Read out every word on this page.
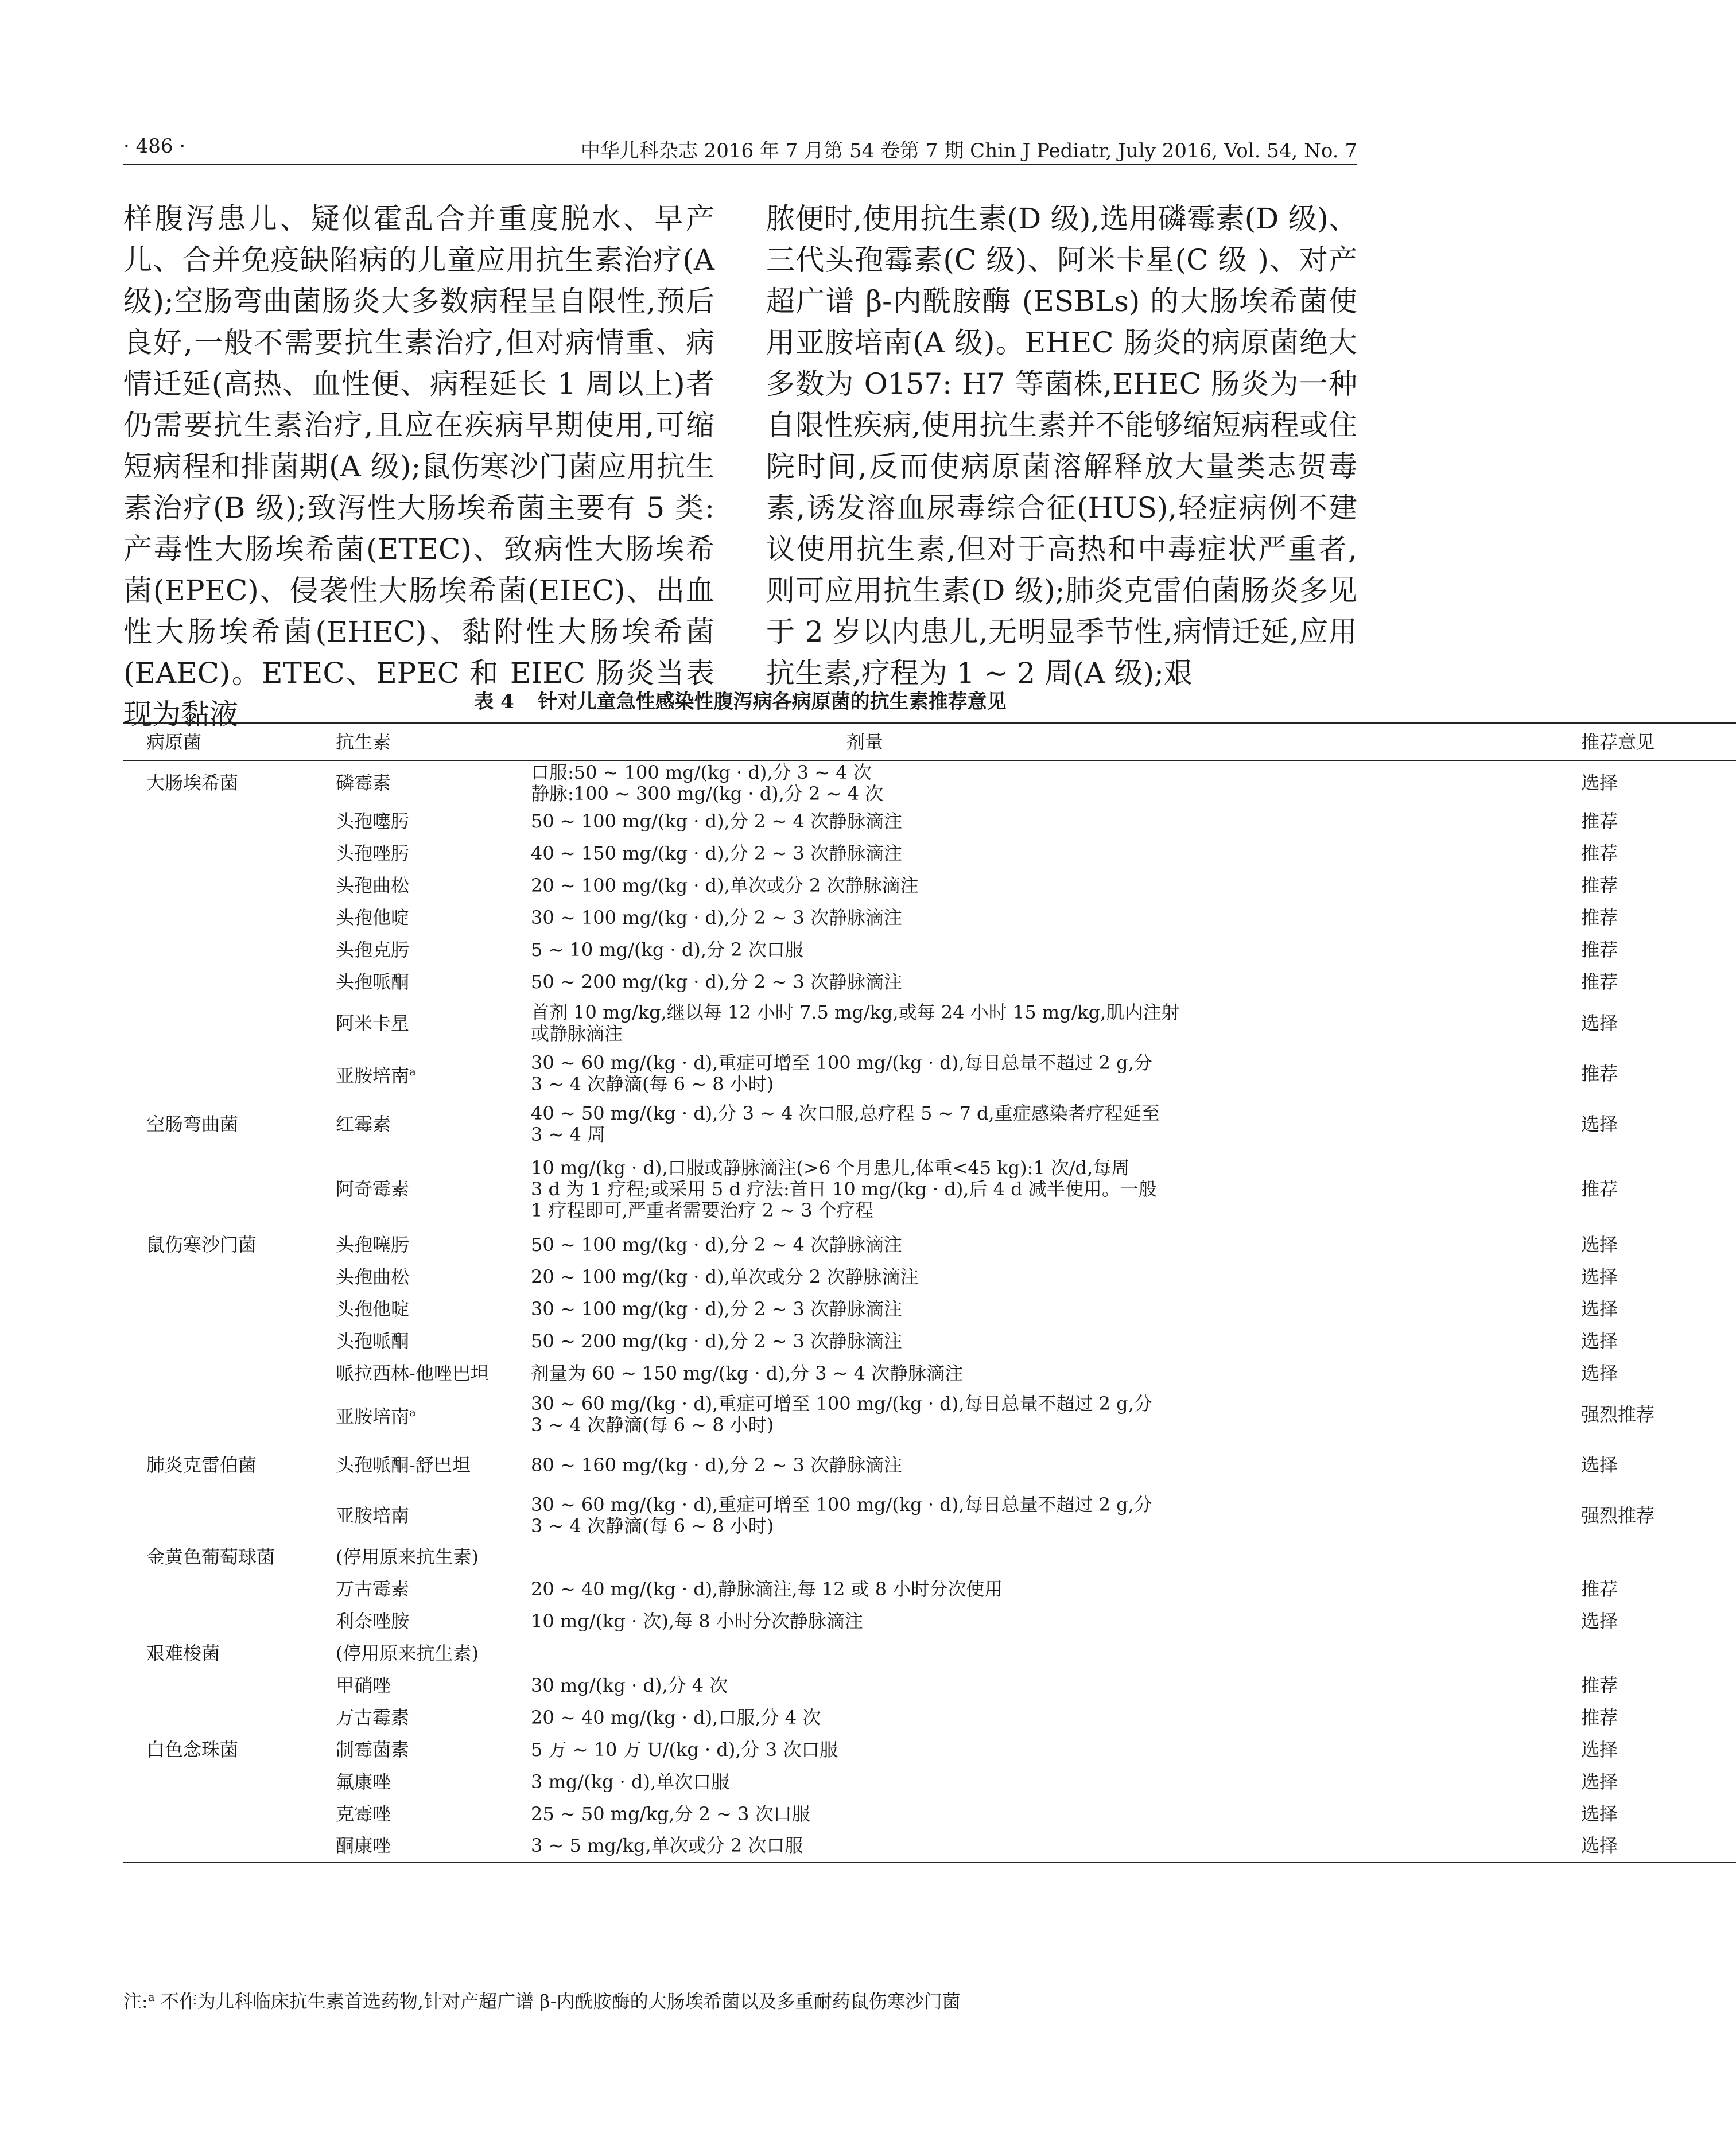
· 486 ·	中华儿科杂志 2016 年 7 月第 54 卷第 7 期 Chin J Pediatr, July 2016, Vol. 54, No. 7
样腹泻患儿、疑似霍乱合并重度脱水、早产儿、合并免疫缺陷病的儿童应用抗生素治疗(A 级);空肠弯曲菌肠炎大多数病程呈自限性,预后良好,一般不需要抗生素治疗,但对病情重、病情迁延(高热、血性便、病程延长 1 周以上)者仍需要抗生素治疗,且应在疾病早期使用,可缩短病程和排菌期(A 级);鼠伤寒沙门菌应用抗生素治疗(B 级);致泻性大肠埃希菌主要有 5 类:产毒性大肠埃希菌(ETEC)、致病性大肠埃希菌(EPEC)、侵袭性大肠埃希菌(EIEC)、出血性大肠埃希菌(EHEC)、黏附性大肠埃希菌(EAEC)。ETEC、EPEC 和 EIEC 肠炎当表现为黏液
脓便时,使用抗生素(D 级),选用磷霉素(D 级)、三代头孢霉素(C 级)、阿米卡星(C 级 )、对产超广谱 β-内酰胺酶 (ESBLs) 的大肠埃希菌使用亚胺培南(A 级)。EHEC 肠炎的病原菌绝大多数为 O157: H7 等菌株,EHEC 肠炎为一种自限性疾病,使用抗生素并不能够缩短病程或住院时间,反而使病原菌溶解释放大量类志贺毒素,诱发溶血尿毒综合征(HUS),轻症病例不建议使用抗生素,但对于高热和中毒症状严重者,则可应用抗生素(D 级);肺炎克雷伯菌肠炎多见于 2 岁以内患儿,无明显季节性,病情迁延,应用抗生素,疗程为 1 ~ 2 周(A 级);艰
表 4 针对儿童急性感染性腹泻病各病原菌的抗生素推荐意见
病原菌	抗生素	剂量	推荐意见
大肠埃希菌	磷霉素	口服:50 ~ 100 mg/(kg · d),分 3 ~ 4 次
静脉:100 ~ 300 mg/(kg · d),分 2 ~ 4 次	选择
	头孢噻肟	50 ~ 100 mg/(kg · d),分 2 ~ 4 次静脉滴注	推荐
	头孢唑肟	40 ~ 150 mg/(kg · d),分 2 ~ 3 次静脉滴注	推荐
	头孢曲松	20 ~ 100 mg/(kg · d),单次或分 2 次静脉滴注	推荐
	头孢他啶	30 ~ 100 mg/(kg · d),分 2 ~ 3 次静脉滴注	推荐
	头孢克肟	5 ~ 10 mg/(kg · d),分 2 次口服	推荐
	头孢哌酮	50 ~ 200 mg/(kg · d),分 2 ~ 3 次静脉滴注	推荐
	阿米卡星	首剂 10 mg/kg,继以每 12 小时 7.5 mg/kg,或每 24 小时 15 mg/kg,肌内注射
或静脉滴注	选择
	亚胺培南$^a$	30 ~ 60 mg/(kg · d),重症可增至 100 mg/(kg · d),每日总量不超过 2 g,分
3 ~ 4 次静滴(每 6 ~ 8 小时)	推荐
空肠弯曲菌	红霉素	40 ~ 50 mg/(kg · d),分 3 ~ 4 次口服,总疗程 5 ~ 7 d,重症感染者疗程延至
3 ~ 4 周	选择
	阿奇霉素	10 mg/(kg · d),口服或静脉滴注(>6 个月患儿,体重<45 kg):1 次/d,每周
3 d 为 1 疗程;或采用 5 d 疗法:首日 10 mg/(kg · d),后 4 d 减半使用。一般
1 疗程即可,严重者需要治疗 2 ~ 3 个疗程	推荐
鼠伤寒沙门菌	头孢噻肟	50 ~ 100 mg/(kg · d),分 2 ~ 4 次静脉滴注	选择
	头孢曲松	20 ~ 100 mg/(kg · d),单次或分 2 次静脉滴注	选择
	头孢他啶	30 ~ 100 mg/(kg · d),分 2 ~ 3 次静脉滴注	选择
	头孢哌酮	50 ~ 200 mg/(kg · d),分 2 ~ 3 次静脉滴注	选择
	哌拉西林-他唑巴坦	剂量为 60 ~ 150 mg/(kg · d),分 3 ~ 4 次静脉滴注	选择
	亚胺培南$^a$	30 ~ 60 mg/(kg · d),重症可增至 100 mg/(kg · d),每日总量不超过 2 g,分
3 ~ 4 次静滴(每 6 ~ 8 小时)	强烈推荐
肺炎克雷伯菌	头孢哌酮-舒巴坦	80 ~ 160 mg/(kg · d),分 2 ~ 3 次静脉滴注	选择
	亚胺培南	30 ~ 60 mg/(kg · d),重症可增至 100 mg/(kg · d),每日总量不超过 2 g,分
3 ~ 4 次静滴(每 6 ~ 8 小时)	强烈推荐
金黄色葡萄球菌	(停用原来抗生素)		
	万古霉素	20 ~ 40 mg/(kg · d),静脉滴注,每 12 或 8 小时分次使用	推荐
	利奈唑胺	10 mg/(kg · 次),每 8 小时分次静脉滴注	选择
艰难梭菌	(停用原来抗生素)		
	甲硝唑	30 mg/(kg · d),分 4 次	推荐
	万古霉素	20 ~ 40 mg/(kg · d),口服,分 4 次	推荐
白色念珠菌	制霉菌素	5 万 ~ 10 万 U/(kg · d),分 3 次口服	选择
	氟康唑	3 mg/(kg · d),单次口服	选择
	克霉唑	25 ~ 50 mg/kg,分 2 ~ 3 次口服	选择
	酮康唑	3 ~ 5 mg/kg,单次或分 2 次口服	选择
注:$^a$ 不作为儿科临床抗生素首选药物,针对产超广谱 β-内酰胺酶的大肠埃希菌以及多重耐药鼠伤寒沙门菌
